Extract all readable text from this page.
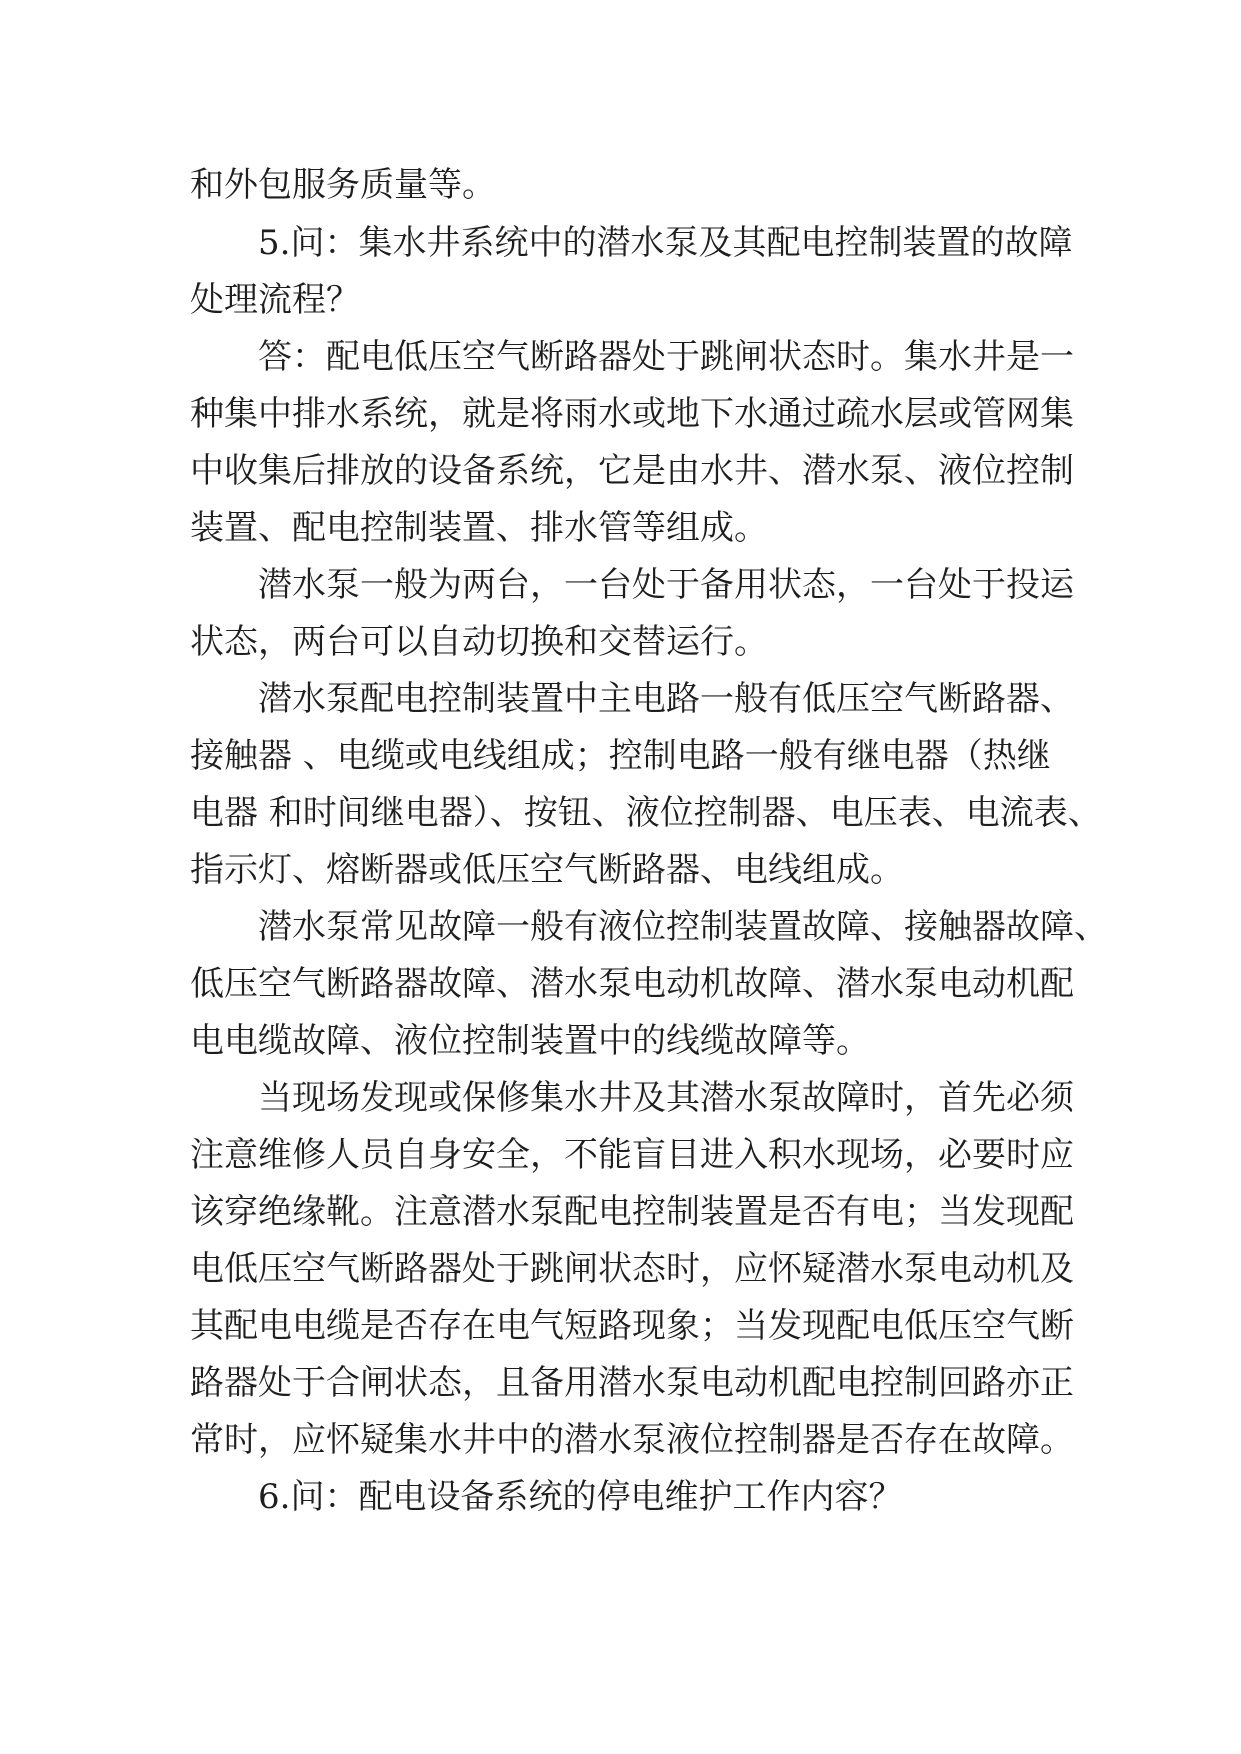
和外包服务质量等。
5.问：集水井系统中的潜水泵及其配电控制装置的故障
处理流程？
答：配电低压空气断路器处于跳闸状态时。集水井是一
种集中排水系统，就是将雨水或地下水通过疏水层或管网集
中收集后排放的设备系统，它是由水井、潜水泵、液位控制
装置、配电控制装置、排水管等组成。
潜水泵一般为两台，一台处于备用状态，一台处于投运
状态，两台可以自动切换和交替运行。
潜水泵配电控制装置中主电路一般有低压空气断路器、
接触器 、电缆或电线组成；控制电路一般有继电器（热继
电器 和时间继电器）、按钮、液位控制器、电压表、电流表、
指示灯、熔断器或低压空气断路器、电线组成。
潜水泵常见故障一般有液位控制装置故障、接触器故障、
低压空气断路器故障、潜水泵电动机故障、潜水泵电动机配
电电缆故障、液位控制装置中的线缆故障等。
当现场发现或保修集水井及其潜水泵故障时，首先必须
注意维修人员自身安全，不能盲目进入积水现场，必要时应
该穿绝缘靴。注意潜水泵配电控制装置是否有电；当发现配
电低压空气断路器处于跳闸状态时，应怀疑潜水泵电动机及
其配电电缆是否存在电气短路现象；当发现配电低压空气断
路器处于合闸状态，且备用潜水泵电动机配电控制回路亦正
常时，应怀疑集水井中的潜水泵液位控制器是否存在故障。
6.问：配电设备系统的停电维护工作内容？
